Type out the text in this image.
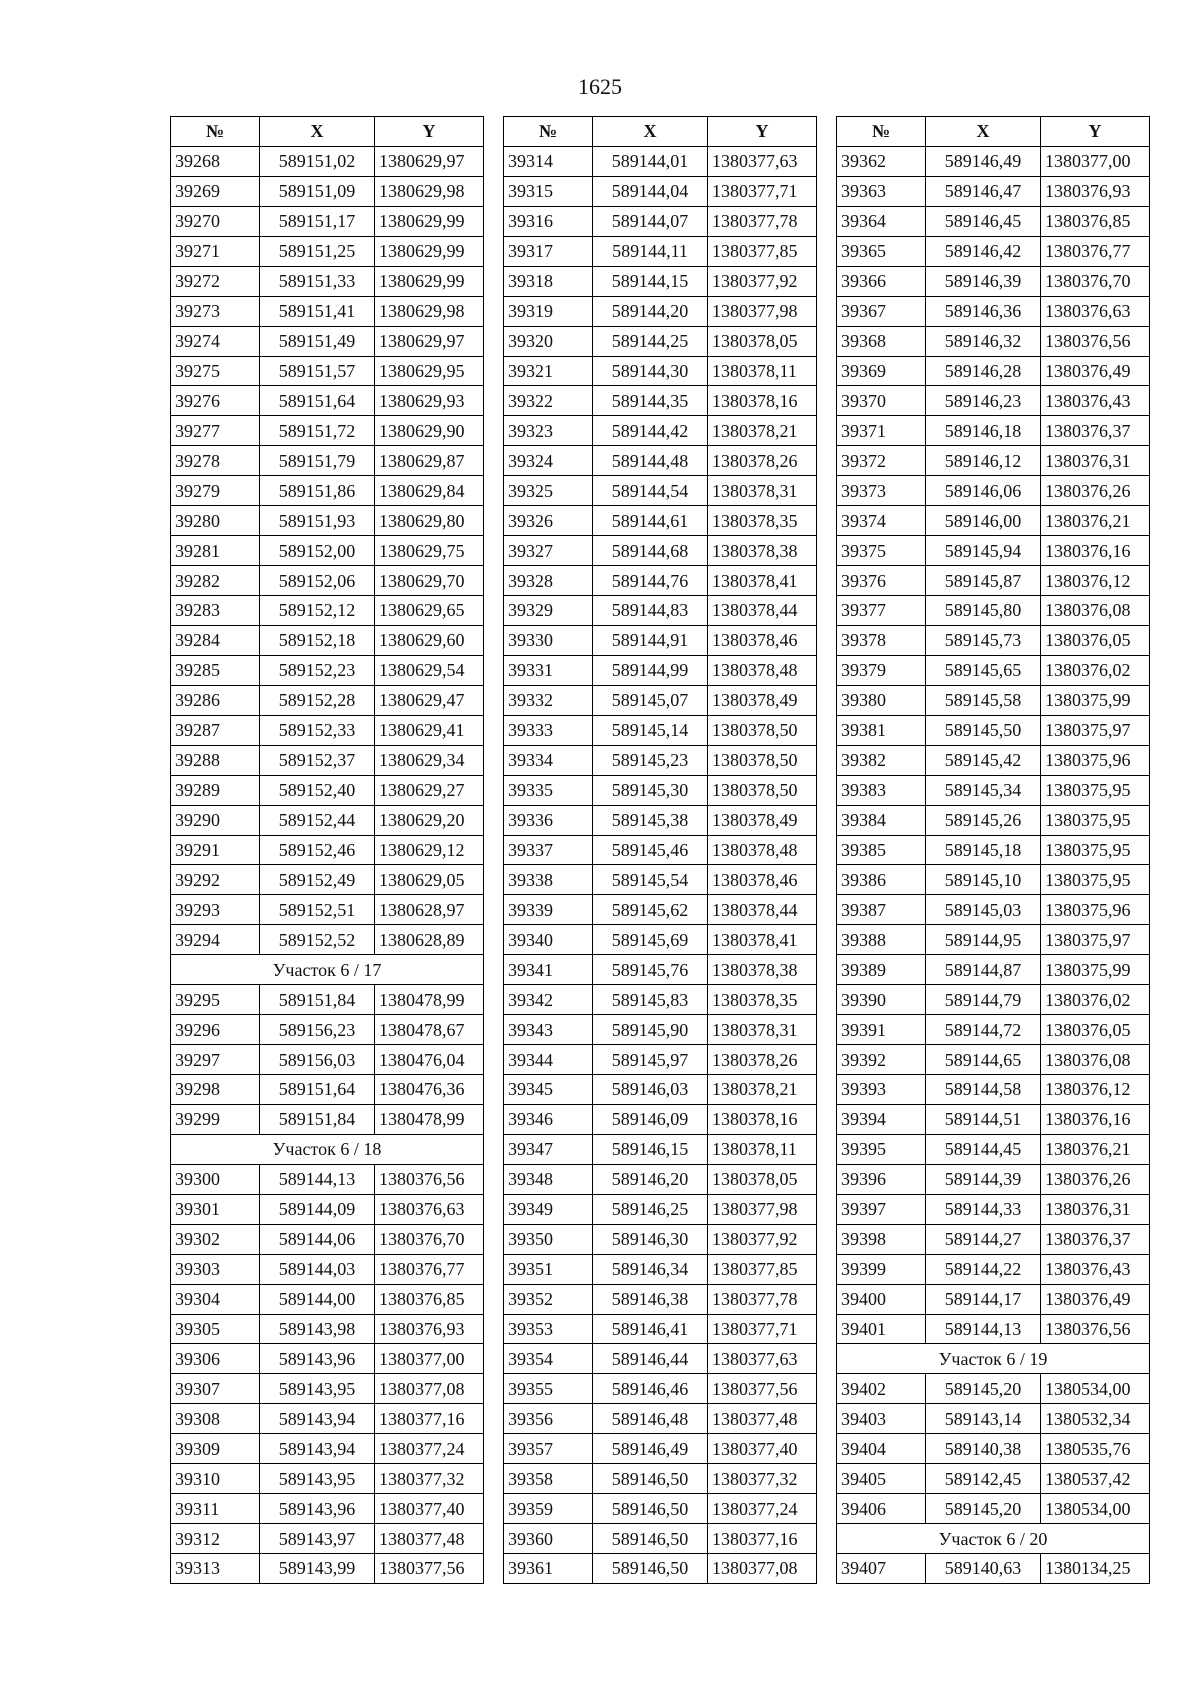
1625
№	X	Y
39268	589151,02	1380629,97
39269	589151,09	1380629,98
39270	589151,17	1380629,99
39271	589151,25	1380629,99
39272	589151,33	1380629,99
39273	589151,41	1380629,98
39274	589151,49	1380629,97
39275	589151,57	1380629,95
39276	589151,64	1380629,93
39277	589151,72	1380629,90
39278	589151,79	1380629,87
39279	589151,86	1380629,84
39280	589151,93	1380629,80
39281	589152,00	1380629,75
39282	589152,06	1380629,70
39283	589152,12	1380629,65
39284	589152,18	1380629,60
39285	589152,23	1380629,54
39286	589152,28	1380629,47
39287	589152,33	1380629,41
39288	589152,37	1380629,34
39289	589152,40	1380629,27
39290	589152,44	1380629,20
39291	589152,46	1380629,12
39292	589152,49	1380629,05
39293	589152,51	1380628,97
39294	589152,52	1380628,89
Участок 6 / 17		
39295	589151,84	1380478,99
39296	589156,23	1380478,67
39297	589156,03	1380476,04
39298	589151,64	1380476,36
39299	589151,84	1380478,99
Участок 6 / 18		
39300	589144,13	1380376,56
39301	589144,09	1380376,63
39302	589144,06	1380376,70
39303	589144,03	1380376,77
39304	589144,00	1380376,85
39305	589143,98	1380376,93
39306	589143,96	1380377,00
39307	589143,95	1380377,08
39308	589143,94	1380377,16
39309	589143,94	1380377,24
39310	589143,95	1380377,32
39311	589143,96	1380377,40
39312	589143,97	1380377,48
39313	589143,99	1380377,56
№	X	Y
39314	589144,01	1380377,63
39315	589144,04	1380377,71
39316	589144,07	1380377,78
39317	589144,11	1380377,85
39318	589144,15	1380377,92
39319	589144,20	1380377,98
39320	589144,25	1380378,05
39321	589144,30	1380378,11
39322	589144,35	1380378,16
39323	589144,42	1380378,21
39324	589144,48	1380378,26
39325	589144,54	1380378,31
39326	589144,61	1380378,35
39327	589144,68	1380378,38
39328	589144,76	1380378,41
39329	589144,83	1380378,44
39330	589144,91	1380378,46
39331	589144,99	1380378,48
39332	589145,07	1380378,49
39333	589145,14	1380378,50
39334	589145,23	1380378,50
39335	589145,30	1380378,50
39336	589145,38	1380378,49
39337	589145,46	1380378,48
39338	589145,54	1380378,46
39339	589145,62	1380378,44
39340	589145,69	1380378,41
39341	589145,76	1380378,38
39342	589145,83	1380378,35
39343	589145,90	1380378,31
39344	589145,97	1380378,26
39345	589146,03	1380378,21
39346	589146,09	1380378,16
39347	589146,15	1380378,11
39348	589146,20	1380378,05
39349	589146,25	1380377,98
39350	589146,30	1380377,92
39351	589146,34	1380377,85
39352	589146,38	1380377,78
39353	589146,41	1380377,71
39354	589146,44	1380377,63
39355	589146,46	1380377,56
39356	589146,48	1380377,48
39357	589146,49	1380377,40
39358	589146,50	1380377,32
39359	589146,50	1380377,24
39360	589146,50	1380377,16
39361	589146,50	1380377,08
№	X	Y
39362	589146,49	1380377,00
39363	589146,47	1380376,93
39364	589146,45	1380376,85
39365	589146,42	1380376,77
39366	589146,39	1380376,70
39367	589146,36	1380376,63
39368	589146,32	1380376,56
39369	589146,28	1380376,49
39370	589146,23	1380376,43
39371	589146,18	1380376,37
39372	589146,12	1380376,31
39373	589146,06	1380376,26
39374	589146,00	1380376,21
39375	589145,94	1380376,16
39376	589145,87	1380376,12
39377	589145,80	1380376,08
39378	589145,73	1380376,05
39379	589145,65	1380376,02
39380	589145,58	1380375,99
39381	589145,50	1380375,97
39382	589145,42	1380375,96
39383	589145,34	1380375,95
39384	589145,26	1380375,95
39385	589145,18	1380375,95
39386	589145,10	1380375,95
39387	589145,03	1380375,96
39388	589144,95	1380375,97
39389	589144,87	1380375,99
39390	589144,79	1380376,02
39391	589144,72	1380376,05
39392	589144,65	1380376,08
39393	589144,58	1380376,12
39394	589144,51	1380376,16
39395	589144,45	1380376,21
39396	589144,39	1380376,26
39397	589144,33	1380376,31
39398	589144,27	1380376,37
39399	589144,22	1380376,43
39400	589144,17	1380376,49
39401	589144,13	1380376,56
Участок 6 / 19		
39402	589145,20	1380534,00
39403	589143,14	1380532,34
39404	589140,38	1380535,76
39405	589142,45	1380537,42
39406	589145,20	1380534,00
Участок 6 / 20		
39407	589140,63	1380134,25
